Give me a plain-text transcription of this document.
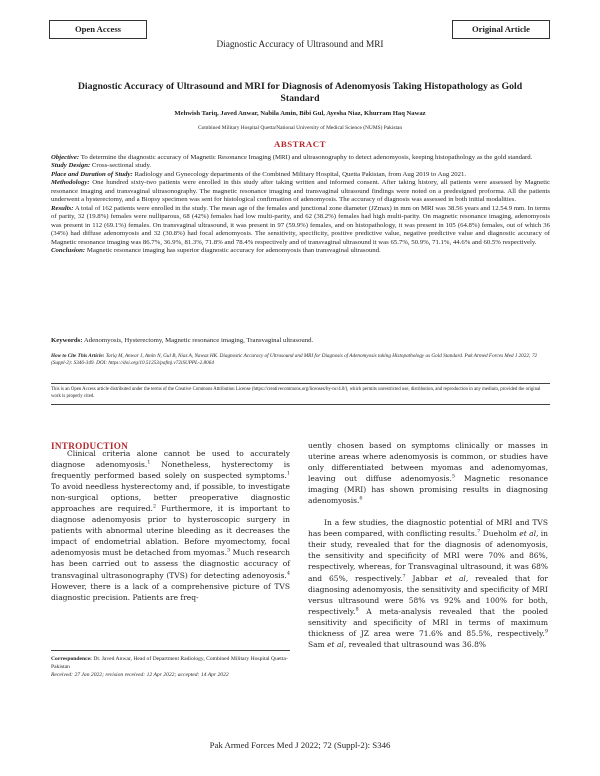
Open Access	Original Article
Diagnostic Accuracy of Ultrasound and MRI
Diagnostic Accuracy of Ultrasound and MRI for Diagnosis of Adenomyosis Taking Histopathology as Gold Standard
Mehwish Tariq, Javed Anwar, Nabila Amin, Bibi Gul, Ayesha Niaz, Khurram Haq Nawaz
Combined Military Hospital Quetta/National University of Medical Science (NUMS) Pakistan
ABSTRACT

Objective: To determine the diagnostic accuracy of Magnetic Resonance Imaging (MRI) and ultrasonography to detect adenomyosis, keeping histopathology as the gold standard.

Study Design: Cross-sectional study.

Place and Duration of Study: Radiology and Gynecology departments of the Combined Military Hospital, Quetta Pakistan, from Aug 2019 to Aug 2021.

Methodology: One hundred sixty-two patients were enrolled in this study after taking written and informed consent. After taking history, all patients were assessed by Magnetic resonance imaging and transvaginal ultrasonography. The magnetic resonance imaging and transvaginal ultrasound findings were noted on a predesigned proforma. All the patients underwent a hysterectomy, and a Biopsy specimen was sent for histological confirmation of adenomyosis. The accuracy of diagnosis was assessed in both initial modalities.

Results: A total of 162 patients were enrolled in the study. The mean age of the females and junctional zone diameter (JZmax) in mm on MRI was 38.56 years and 12.54.9 mm. In terms of parity, 32 (19.8%) females were nulliparous, 68 (42%) females had low multi-parity, and 62 (38.2%) females had high multi-parity. On magnetic resonance imaging, adenomyosis was present in 112 (69.1%) females. On transvaginal ultrasound, it was present in 97 (59.9%) females, and on histopathology, it was present in 105 (64.8%) females, out of which 36 (34%) had diffuse adenomyosis and 32 (30.8%) had focal adenomyosis. The sensitivity, specificity, positive predictive value, negative predictive value and diagnostic accuracy of Magnetic resonance imaging was 86.7%, 36.9%, 81.3%, 71.8% and 78.4% respectively and of transvaginal ultrasound it was 65.7%, 50.9%, 71.1%, 44.6% and 60.5% respectively.

Conclusion: Magnetic resonance imaging has superior diagnostic accuracy for adenomyosis than transvaginal ultrasound.

Keywords: Adenomyosis, Hysterectomy, Magnetic resonance imaging, Transvaginal ultrasound.
How to Cite This Article: Tariq M, Anwar J, Amin N, Gul B, Niaz A, Nawaz HK. Diagnostic Accuracy of Ultrasound and MRI for Diagnosis of Adenomyosis taking Histopathology as Gold Standard. Pak Armed Forces Med J 2022; 72 (Suppl-2): S346-349. DOI: https://doi.org/10.51253/pafmj.v72iSUPPL-2.8064
This is an Open Access article distributed under the terms of the Creative Commons Attribution License (https://creativecommons.org/licenses/by-nc/4.0/), which permits unrestricted use, distribution, and reproduction in any medium, provided the original work is properly cited.
INTRODUCTION

Clinical criteria alone cannot be used to accurately diagnose adenomyosis.$^1$ Nonetheless, hysterectomy is frequently performed based solely on suspected symptoms.$^1$ To avoid needless hysterectomy and, if possible, to investigate non-surgical options, better preoperative diagnostic approaches are required.$^2$ Furthermore, it is important to diagnose adenomyosis prior to hysteroscopic surgery in patients with abnormal uterine bleeding as it decreases the impact of endometrial ablation. Before myomectomy, focal adenomyosis must be detached from myomas.$^3$ Much research has been carried out to assess the diagnostic accuracy of transvaginal ultrasonography (TVS) for detecting adenoyosis.$^4$ However, there is a lack of a comprehensive picture of TVS diagnostic precision. Patients are freq-

Correspondence: Dr. Javed Anwar, Head of Department Radiology, Combined Military Hospital Quetta-Pakistan
Received: 27 Jan 2022; revision received: 12 Apr 2022; accepted: 14 Apr 2022

uently chosen based on symptoms clinically or masses in uterine areas where adenomyosis is common, or studies have only differentiated between myomas and adenomyomas, leaving out diffuse adenomyosis.$^5$ Magnetic resonance imaging (MRI) has shown promising results in diagnosing adenomyosis.$^6$

In a few studies, the diagnostic potential of MRI and TVS has been compared, with conflicting results.$^7$ Dueholm et al, in their study, revealed that for the diagnosis of adenomyosis, the sensitivity and specificity of MRI were 70% and 86%, respectively, whereas, for Transvaginal ultrasound, it was 68% and 65%, respectively.$^7$ Jabbar et al, revealed that for diagnosing adenomyosis, the sensitivity and specificity of MRI versus ultrasound were 58% vs 92% and 100% for both, respectively.$^8$ A meta-analysis revealed that the pooled sensitivity and specificity of MRI in terms of maximum thickness of JZ area were 71.6% and 85.5%, respectively.$^9$ Sam et al, revealed that ultrasound was 36.8%

Pak Armed Forces Med J 2022; 72 (Suppl-2): S346
